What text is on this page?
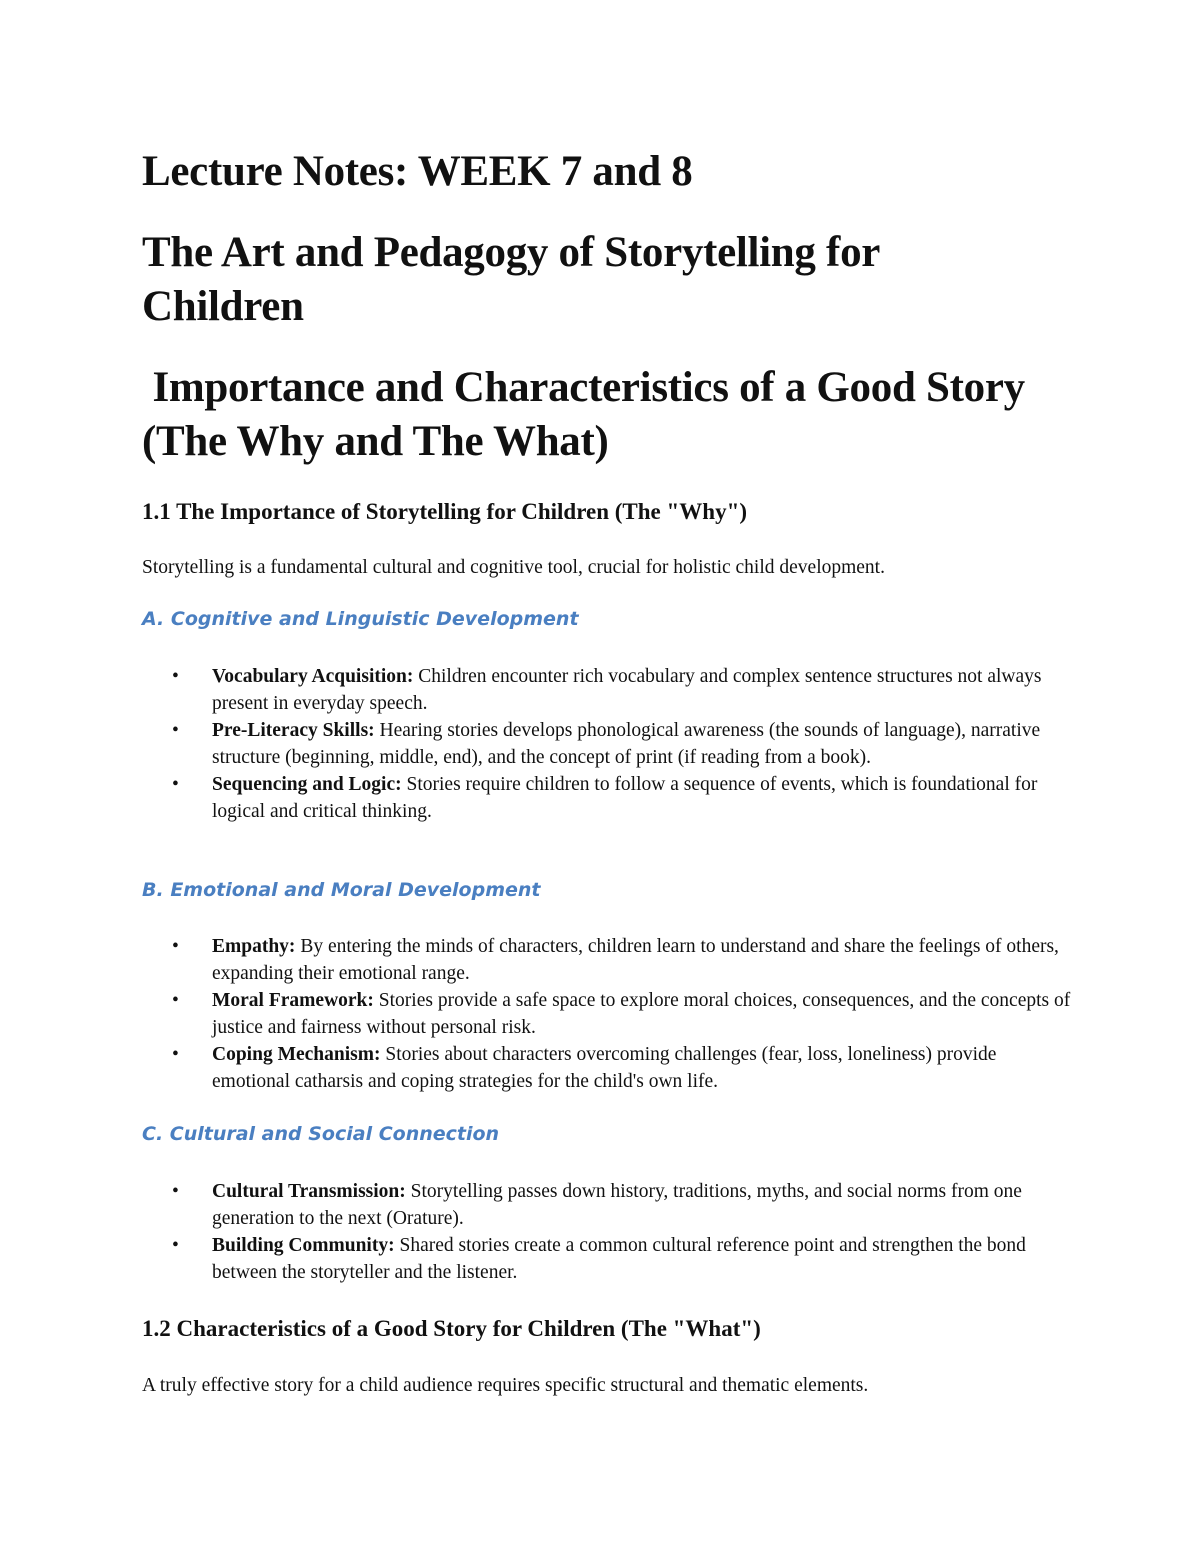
Lecture Notes: WEEK 7 and 8
The Art and Pedagogy of Storytelling for Children
Importance and Characteristics of a Good Story (The Why and The What)
1.1 The Importance of Storytelling for Children (The "Why")

Storytelling is a fundamental cultural and cognitive tool, crucial for holistic child development.

A. Cognitive and Linguistic Development
• Vocabulary Acquisition: Children encounter rich vocabulary and complex sentence structures not always present in everyday speech.
• Pre-Literacy Skills: Hearing stories develops phonological awareness (the sounds of language), narrative structure (beginning, middle, end), and the concept of print (if reading from a book).
• Sequencing and Logic: Stories require children to follow a sequence of events, which is foundational for logical and critical thinking.
B. Emotional and Moral Development
• Empathy: By entering the minds of characters, children learn to understand and share the feelings of others, expanding their emotional range.
• Moral Framework: Stories provide a safe space to explore moral choices, consequences, and the concepts of justice and fairness without personal risk.
• Coping Mechanism: Stories about characters overcoming challenges (fear, loss, loneliness) provide emotional catharsis and coping strategies for the child's own life.
C. Cultural and Social Connection
• Cultural Transmission: Storytelling passes down history, traditions, myths, and social norms from one generation to the next (Orature).
• Building Community: Shared stories create a common cultural reference point and strengthen the bond between the storyteller and the listener.
1.2 Characteristics of a Good Story for Children (The "What")

A truly effective story for a child audience requires specific structural and thematic elements.
